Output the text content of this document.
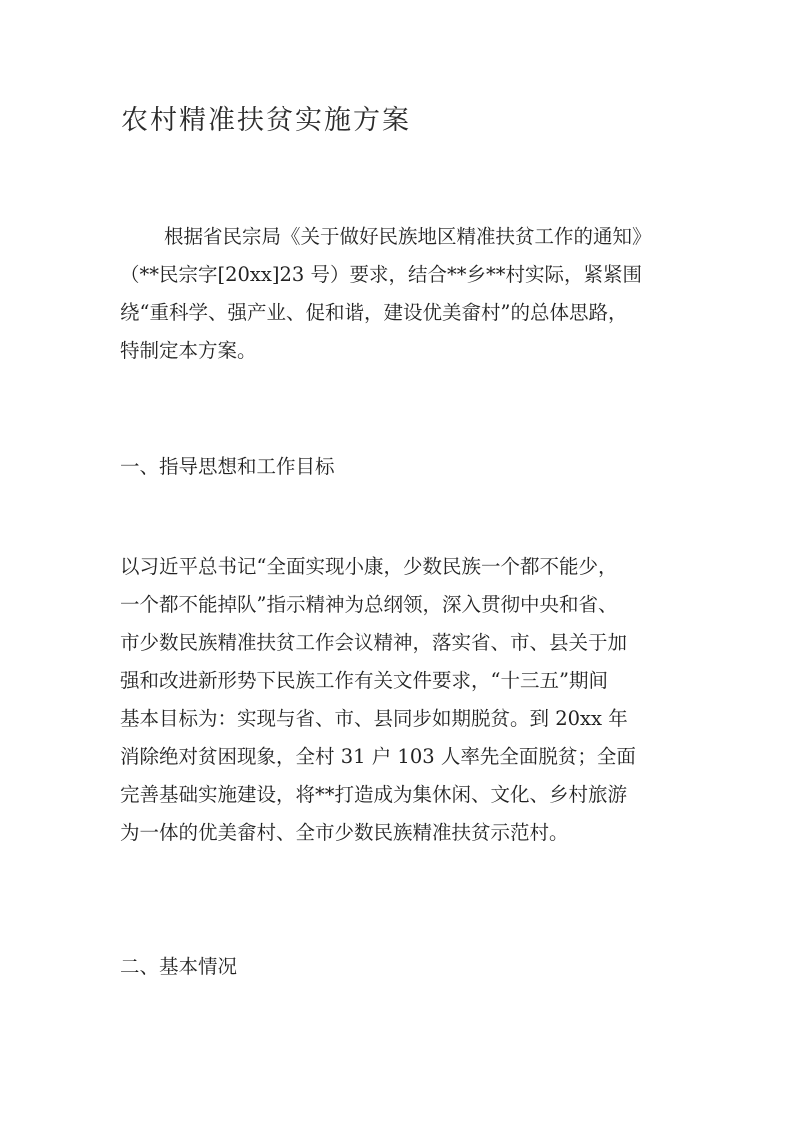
农村精准扶贫实施方案
根据省民宗局《关于做好民族地区精准扶贫工作的通知》
（**民宗字[20xx]23 号）要求，结合**乡**村实际，紧紧围
绕“重科学、强产业、促和谐，建设优美畲村”的总体思路，
特制定本方案。
一、指导思想和工作目标
以习近平总书记“全面实现小康，少数民族一个都不能少，
一个都不能掉队”指示精神为总纲领，深入贯彻中央和省、
市少数民族精准扶贫工作会议精神，落实省、市、县关于加
强和改进新形势下民族工作有关文件要求，“十三五”期间
基本目标为：实现与省、市、县同步如期脱贫。到 20xx 年
消除绝对贫困现象，全村 31 户 103 人率先全面脱贫；全面
完善基础实施建设，将**打造成为集休闲、文化、乡村旅游
为一体的优美畲村、全市少数民族精准扶贫示范村。
二、基本情况
